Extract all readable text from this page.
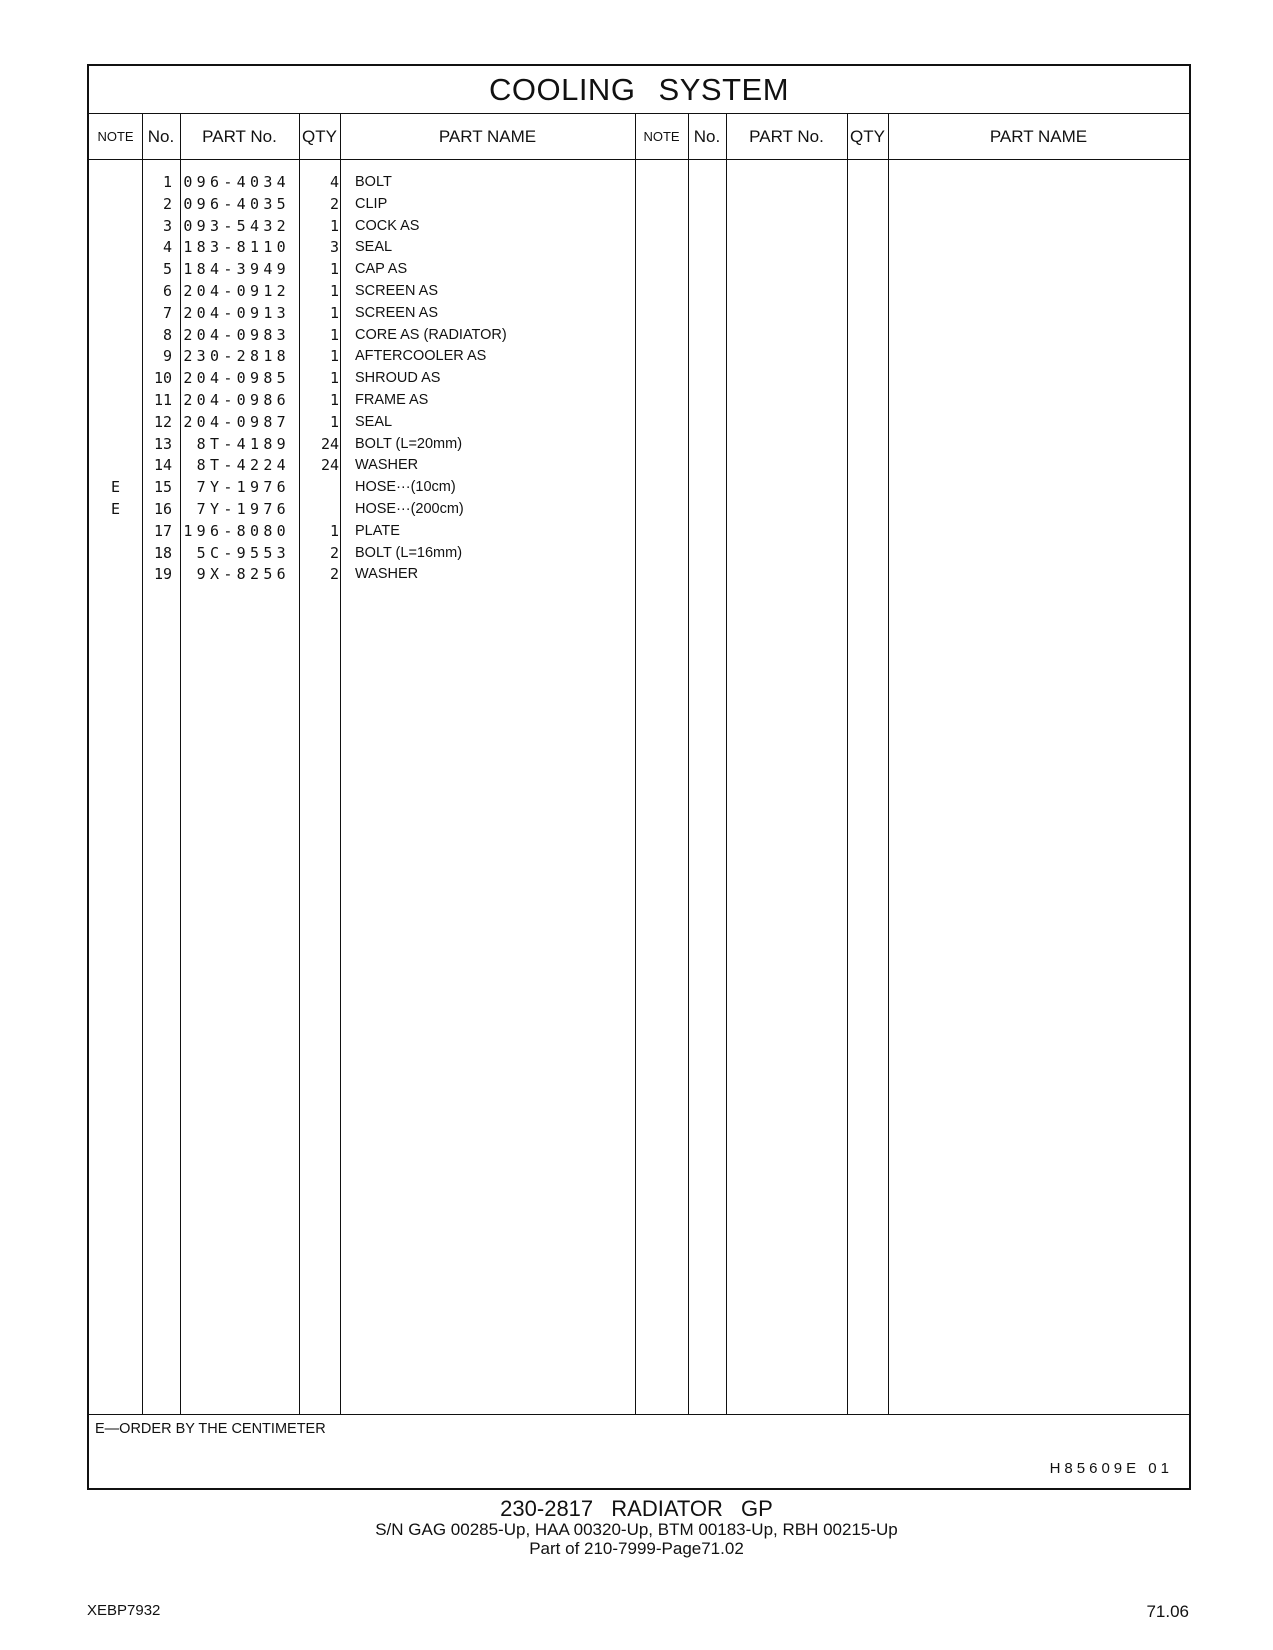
COOLING SYSTEM
NOTE No.	PART No.	QTY	PART NAME	NOTE No.	PART No.	QTY	PART NAME
1 096-4034	4 BOLT
2 096-4035	2 CLIP
3 093-5432	1 COCK AS
4 183-8110	3 SEAL
5 184-3949	1 CAP AS
6 204-0912	1 SCREEN AS
7 204-0913	1 SCREEN AS
8 204-0983	1 CORE AS (RADIATOR)
9 230-2818	1 AFTERCOOLER AS
10 204-0985	1 SHROUD AS
11 204-0986	1 FRAME AS
12 204-0987	1 SEAL
13	8T-4189	24 BOLT (L=20mm)
14	8T-4224	24 WASHER
E	15	7Y-1976	HOSE···(10cm)
E	16	7Y-1976	HOSE···(200cm)
17 196-8080	1 PLATE
18	5C-9553	2 BOLT (L=16mm)
19	9X-8256	2 WASHER
E—ORDER BY THE CENTIMETER
H85609E 01
230-2817 RADIATOR GP
S/N GAG 00285-Up, HAA 00320-Up, BTM 00183-Up, RBH 00215-Up
Part of 210-7999-Page71.02
XEBP7932	71.06
